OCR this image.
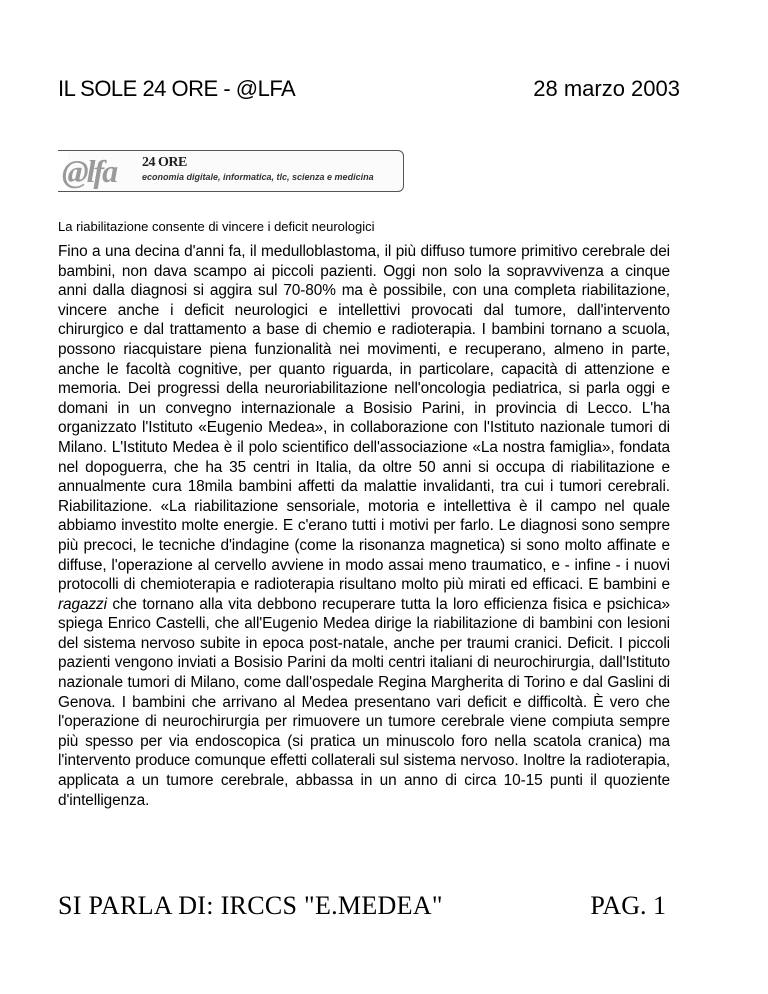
IL SOLE 24 ORE - @LFA	28 marzo 2003
@lfa 24 ORE
economia digitale, informatica, tlc, scienza e medicina
La riabilitazione consente di vincere i deficit neurologici

Fino a una decina d'anni fa, il medulloblastoma, il più diffuso tumore primitivo cerebrale dei bambini, non dava scampo ai piccoli pazienti. Oggi non solo la sopravvivenza a cinque anni dalla diagnosi si aggira sul 70-80% ma è possibile, con una completa riabilitazione, vincere anche i deficit neurologici e intellettivi provocati dal tumore, dall'intervento chirurgico e dal trattamento a base di chemio e radioterapia. I bambini tornano a scuola, possono riacquistare piena funzionalità nei movimenti, e recuperano, almeno in parte, anche le facoltà cognitive, per quanto riguarda, in particolare, capacità di attenzione e memoria. Dei progressi della neuroriabilitazione nell'oncologia pediatrica, si parla oggi e domani in un convegno internazionale a Bosisio Parini, in provincia di Lecco. L'ha organizzato l'Istituto «Eugenio Medea», in collaborazione con l'Istituto nazionale tumori di Milano. L'Istituto Medea è il polo scientifico dell'associazione «La nostra famiglia», fondata nel dopoguerra, che ha 35 centri in Italia, da oltre 50 anni si occupa di riabilitazione e annualmente cura 18mila bambini affetti da malattie invalidanti, tra cui i tumori cerebrali. Riabilitazione. «La riabilitazione sensoriale, motoria e intellettiva è il campo nel quale abbiamo investito molte energie. E c'erano tutti i motivi per farlo. Le diagnosi sono sempre più precoci, le tecniche d'indagine (come la risonanza magnetica) si sono molto affinate e diffuse, l'operazione al cervello avviene in modo assai meno traumatico, e - infine - i nuovi protocolli di chemioterapia e radioterapia risultano molto più mirati ed efficaci. E bambini e ragazzi che tornano alla vita debbono recuperare tutta la loro efficienza fisica e psichica» spiega Enrico Castelli, che all'Eugenio Medea dirige la riabilitazione di bambini con lesioni del sistema nervoso subite in epoca post-natale, anche per traumi cranici. Deficit. I piccoli pazienti vengono inviati a Bosisio Parini da molti centri italiani di neurochirurgia, dall'Istituto nazionale tumori di Milano, come dall'ospedale Regina Margherita di Torino e dal Gaslini di Genova. I bambini che arrivano al Medea presentano vari deficit e difficoltà. È vero che l'operazione di neurochirurgia per rimuovere un tumore cerebrale viene compiuta sempre più spesso per via endoscopica (si pratica un minuscolo foro nella scatola cranica) ma l'intervento produce comunque effetti collaterali sul sistema nervoso. Inoltre la radioterapia, applicata a un tumore cerebrale, abbassa in un anno di circa 10-15 punti il quoziente d'intelligenza.

SI PARLA DI: IRCCS "E.MEDEA"	PAG. 1
